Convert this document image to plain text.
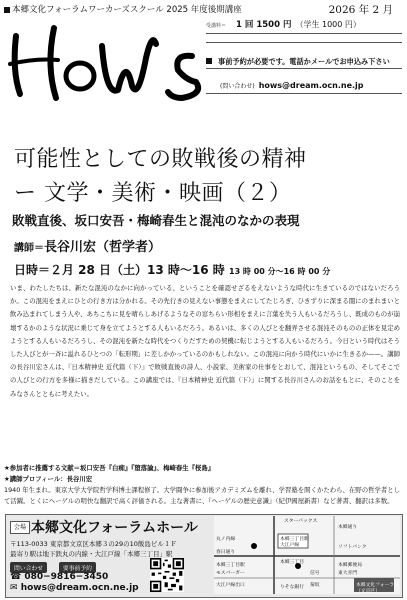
本郷文化フォーラムワーカーズスクール 2025 年度後期講座	2026 年 2 月
受講料＝	1 回 1500 円 （学生 1000 円）
事前予約が必要です。電話かメールでお申込み下さい
(問い合わせ) hows@dream.ocn.ne.jp
可能性としての敗戦後の精神
ー 文学・美術・映画（２）
敗戦直後、坂口安吾・梅崎春生と混沌のなかの表現
講師＝長谷川宏（哲学者）
日時＝２月 28 日（土）13 時〜16 時 13 時 00 分〜16 時 00 分
いま、わたしたちは、新たな混沌のなかに向かっている、ということを確認せざるをえないような時代に生きているのではないだろうか。この混沌をまえにひとの行き方は分かれる。その先行きの見えない事態をまえにしてたじろぎ、ひきずりに深まる闇にのまれまいと飲み込まれてしまう人や、あちこちに見を晴らしあげるようなその窓ちらい形相をまえに言葉を失う人もいるだろうし、既成のものが崩壊するかのような状況に乗じて身を立てようとする人もいるだろう。あるいは、多くの人びとを翻弄させる混沌そのものの正体を見定めようとする人もいるだろうし、その混沌を新たな時代をつくりだすための契機に転じようとする人もいるだろう。今日という時代はそうした人びとが一斉に溢れるひとつの「転形期」に差しかかっているのかもしれない。この混沌に向かう時代にいかに生きるか——。講師の長谷川宏さんは、『日本精神史 近代篇（下）』で敗戦直後の詩人、小説家、美術家の仕事をとおして、混沌というもの、そしてそこでの人びとの行方を多様に描きだしている。この講座では、『日本精神史 近代篇（下）』に関する長谷川さんのお話をもとに、そのことをみなさんとともに考えたい。
★参加者に推薦する文献＝坂口安吾『白痴』『堕落論』、梅崎春生『桜島』
★講師プロフィール：長谷川宏
1940 年生まれ。東京大学大学院哲学科博士課程修了。大学闘争に参加後アカデミズムを離れ、学習塾を開くかたわら、在野の哲学者として活躍。とくにヘーゲルの明快な翻訳で高く評価される。主な著書に、『ヘーゲルの歴史意識』（紀伊國屋新書）など著書、翻訳は多数。
会場 本郷文化フォーラムホール
〒113-0033 東京都文京区本郷３の29の10飯島ビル１Ｆ
最寄り駅は地下鉄丸の内線・大江戸線「本郷三丁目」駅
問い合わせ	要事前予約
☎ 080−9816−3450
✉ hows@dream.ocn.ne.jp
スターバックス
本郷通り
本郷三丁目駅
大江戸線
春日通り
丸ノ内線
本郷三丁目
本郷文化フォーラム
（文京区）
本郷三丁目駅	本郷郵便局
りそな銀行
ソフトバンク
モスバーガー
大江戸線出口
東大赤門
信号
菊坂
